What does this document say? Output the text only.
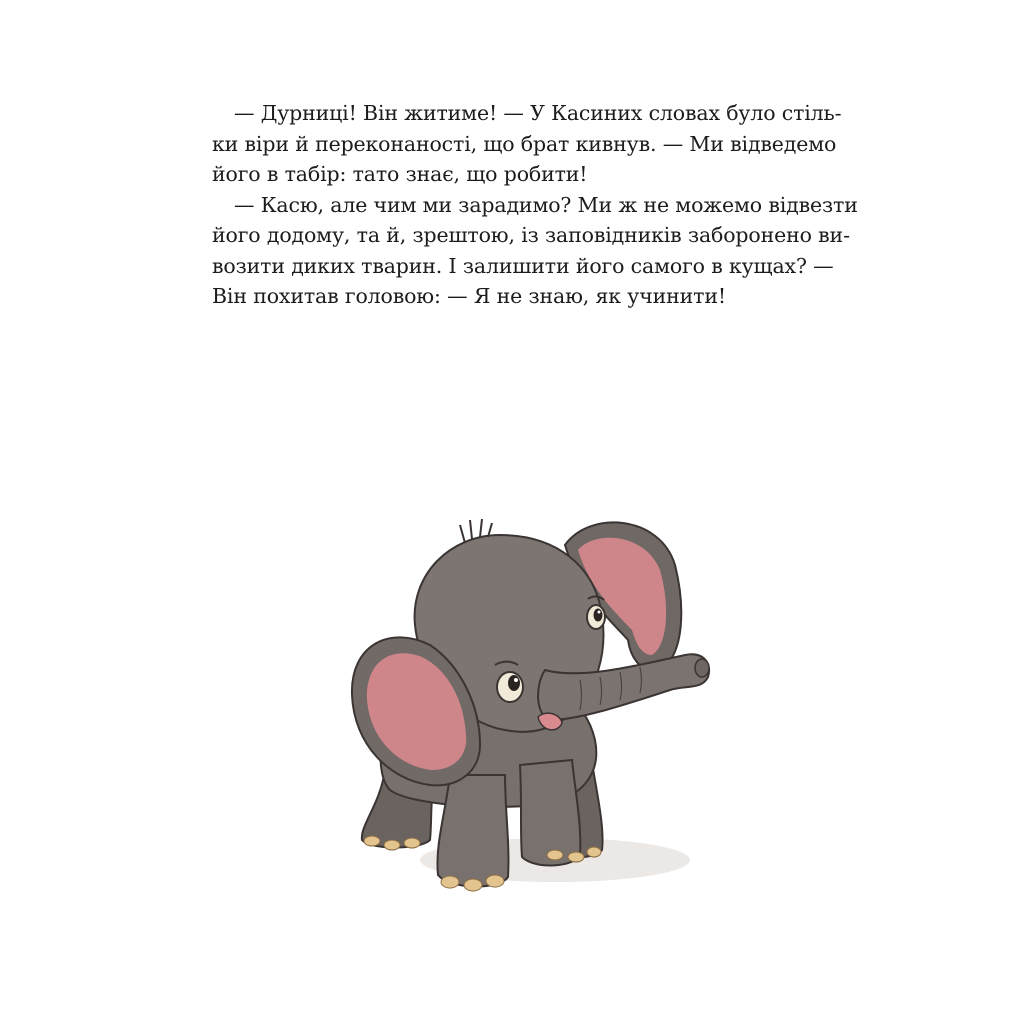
— Дурниці! Він житиме! — У Касиних словах було стіль-
ки віри й переконаності, що брат кивнув. — Ми відведемо
його в табір: тато знає, що робити!
— Касю, але чим ми зарадимо? Ми ж не можемо відвезти
його додому, та й, зрештою, із заповідників заборонено ви-
возити диких тварин. І залишити його самого в кущах? —
Він похитав головою: — Я не знаю, як учинити!
